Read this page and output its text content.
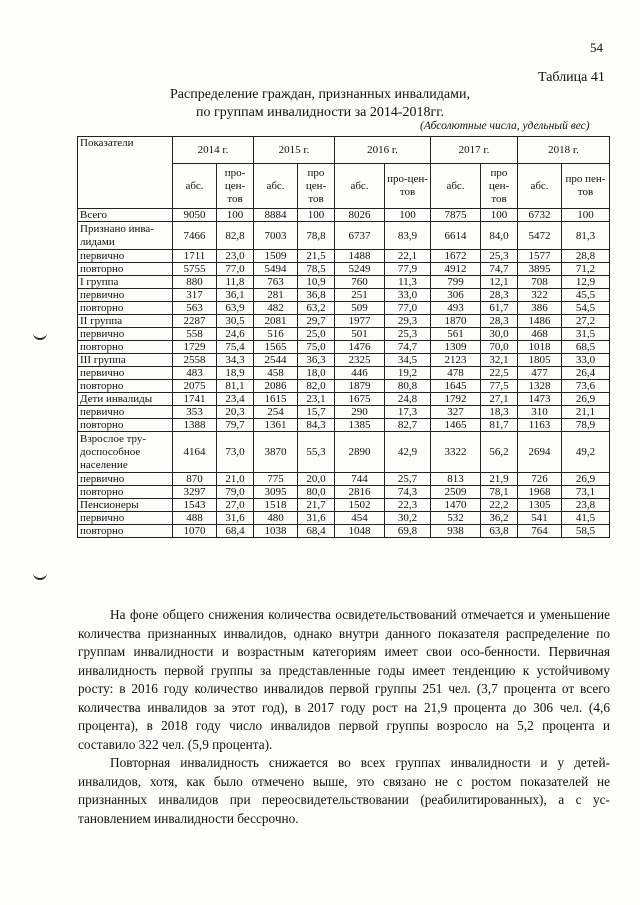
54
Таблица 41
Распределение граждан, признанных инвалидами,
по группам инвалидности за 2014-2018гг.
(Абсолютные числа, удельный вес)
Показатели	2014 г.		2015 г.		2016 г.		2017 г.		2018 г.	
	абс.	про-цен-тов	абс.	про цен-тов	абс.	про-цен-тов	абс.	про цен-тов	абс.	про пен-тов
Всего	9050	100	8884	100	8026	100	7875	100	6732	100
Признано инва-лидами	7466	82,8	7003	78,8	6737	83,9	6614	84,0	5472	81,3
первично	1711	23,0	1509	21,5	1488	22,1	1672	25,3	1577	28,8
повторно	5755	77,0	5494	78,5	5249	77,9	4912	74,7	3895	71,2
I группа	880	11,8	763	10,9	760	11,3	799	12,1	708	12,9
первично	317	36,1	281	36,8	251	33,0	306	28,3	322	45,5
повторно	563	63,9	482	63,2	509	77,0	493	61,7	386	54,5
II группа	2287	30,5	2081	29,7	1977	29,3	1870	28,3	1486	27,2
первично	558	24,6	516	25,0	501	25,3	561	30,0	468	31,5
повторно	1729	75,4	1565	75,0	1476	74,7	1309	70,0	1018	68,5
III группа	2558	34,3	2544	36,3	2325	34,5	2123	32,1	1805	33,0
первично	483	18,9	458	18,0	446	19,2	478	22,5	477	26,4
повторно	2075	81,1	2086	82,0	1879	80,8	1645	77,5	1328	73,6
Дети инвалиды	1741	23,4	1615	23,1	1675	24,8	1792	27,1	1473	26,9
первично	353	20,3	254	15,7	290	17,3	327	18,3	310	21,1
повторно	1388	79,7	1361	84,3	1385	82,7	1465	81,7	1163	78,9
Взрослое тру-доспособное население	4164	73,0	3870	55,3	2890	42,9	3322	56,2	2694	49,2
первично	870	21,0	775	20,0	744	25,7	813	21,9	726	26,9
повторно	3297	79,0	3095	80,0	2816	74,3	2509	78,1	1968	73,1
Пенсионеры	1543	27,0	1518	21,7	1502	22,3	1470	22,2	1305	23,8
первично	488	31,6	480	31,6	454	30,2	532	36,2	541	41,5
повторно	1070	68,4	1038	68,4	1048	69,8	938	63,8	764	58,5

На фоне общего снижения количества освидетельствований отмечается и уменьшение количества признанных инвалидов, однако внутри данного показателя распределение по группам инвалидности и возрастным категориям имеет свои осо-бенности. Первичная инвалидность первой группы за представленные годы имеет тенденцию к устойчивому росту: в 2016 году количество инвалидов первой группы 251 чел. (3,7 процента от всего количества инвалидов за этот год), в 2017 году рост на 21,9 процента до 306 чел. (4,6 процента), в 2018 году число инвалидов первой группы возросло на 5,2 процента и составило 322 чел. (5,9 процента).

Повторная инвалидность снижается во всех группах инвалидности и у детей-инвалидов, хотя, как было отмечено выше, это связано не с ростом показателей не признанных инвалидов при переосвидетельствовании (реабилитированных), а с ус-тановлением инвалидности бессрочно.
